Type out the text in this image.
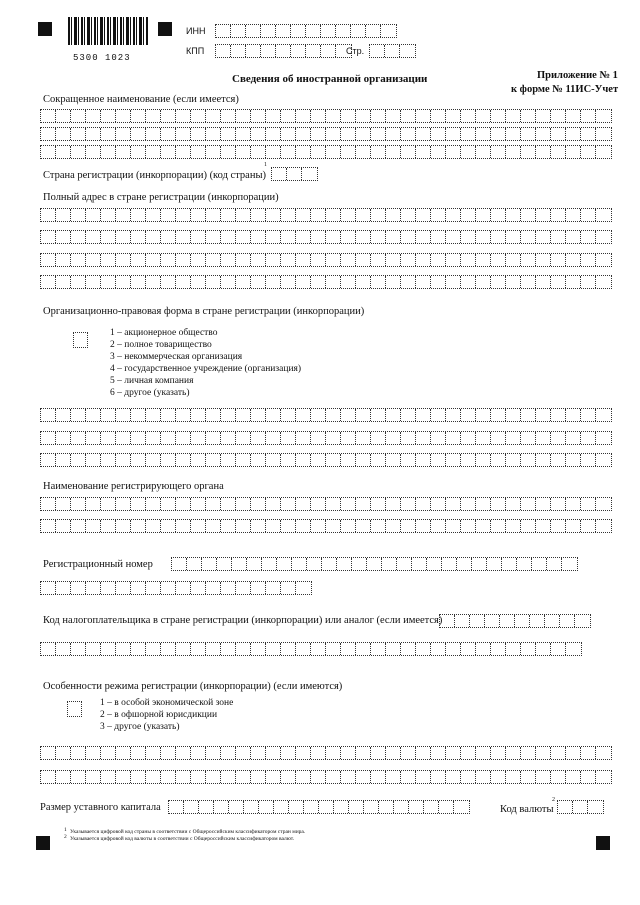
5300 1023
ИНН
КПП	Стр.
Сведения об иностранной организации	Приложение № 1
к форме № 11ИС-Учет
Сокращенное наименование (если имеется)
Страна регистрации (инкорпорации) (код страны)
1
Полный адрес в стране регистрации (инкорпорации)
Организационно-правовая форма в стране регистрации (инкорпорации)
1 – акционерное общество
2 – полное товарищество
3 – некоммерческая организация
4 – государственное учреждение (организация)
5 – личная компания
6 – другое (указать)
Наименование регистрирующего органа
Регистрационный номер
Код налогоплательщика в стране регистрации (инкорпорации) или аналог (если имеется)
Особенности режима регистрации (инкорпорации) (если имеются)
1 – в особой экономической зоне
2 – в офшорной юрисдикции
3 – другое (указать)
Размер уставного капитала	Код валюты
2
1 Указывается цифровой код страны в соответствии с Общероссийским классификатором стран мира.
2 Указывается цифровой код валюты в соответствии с Общероссийским классификатором валют.
